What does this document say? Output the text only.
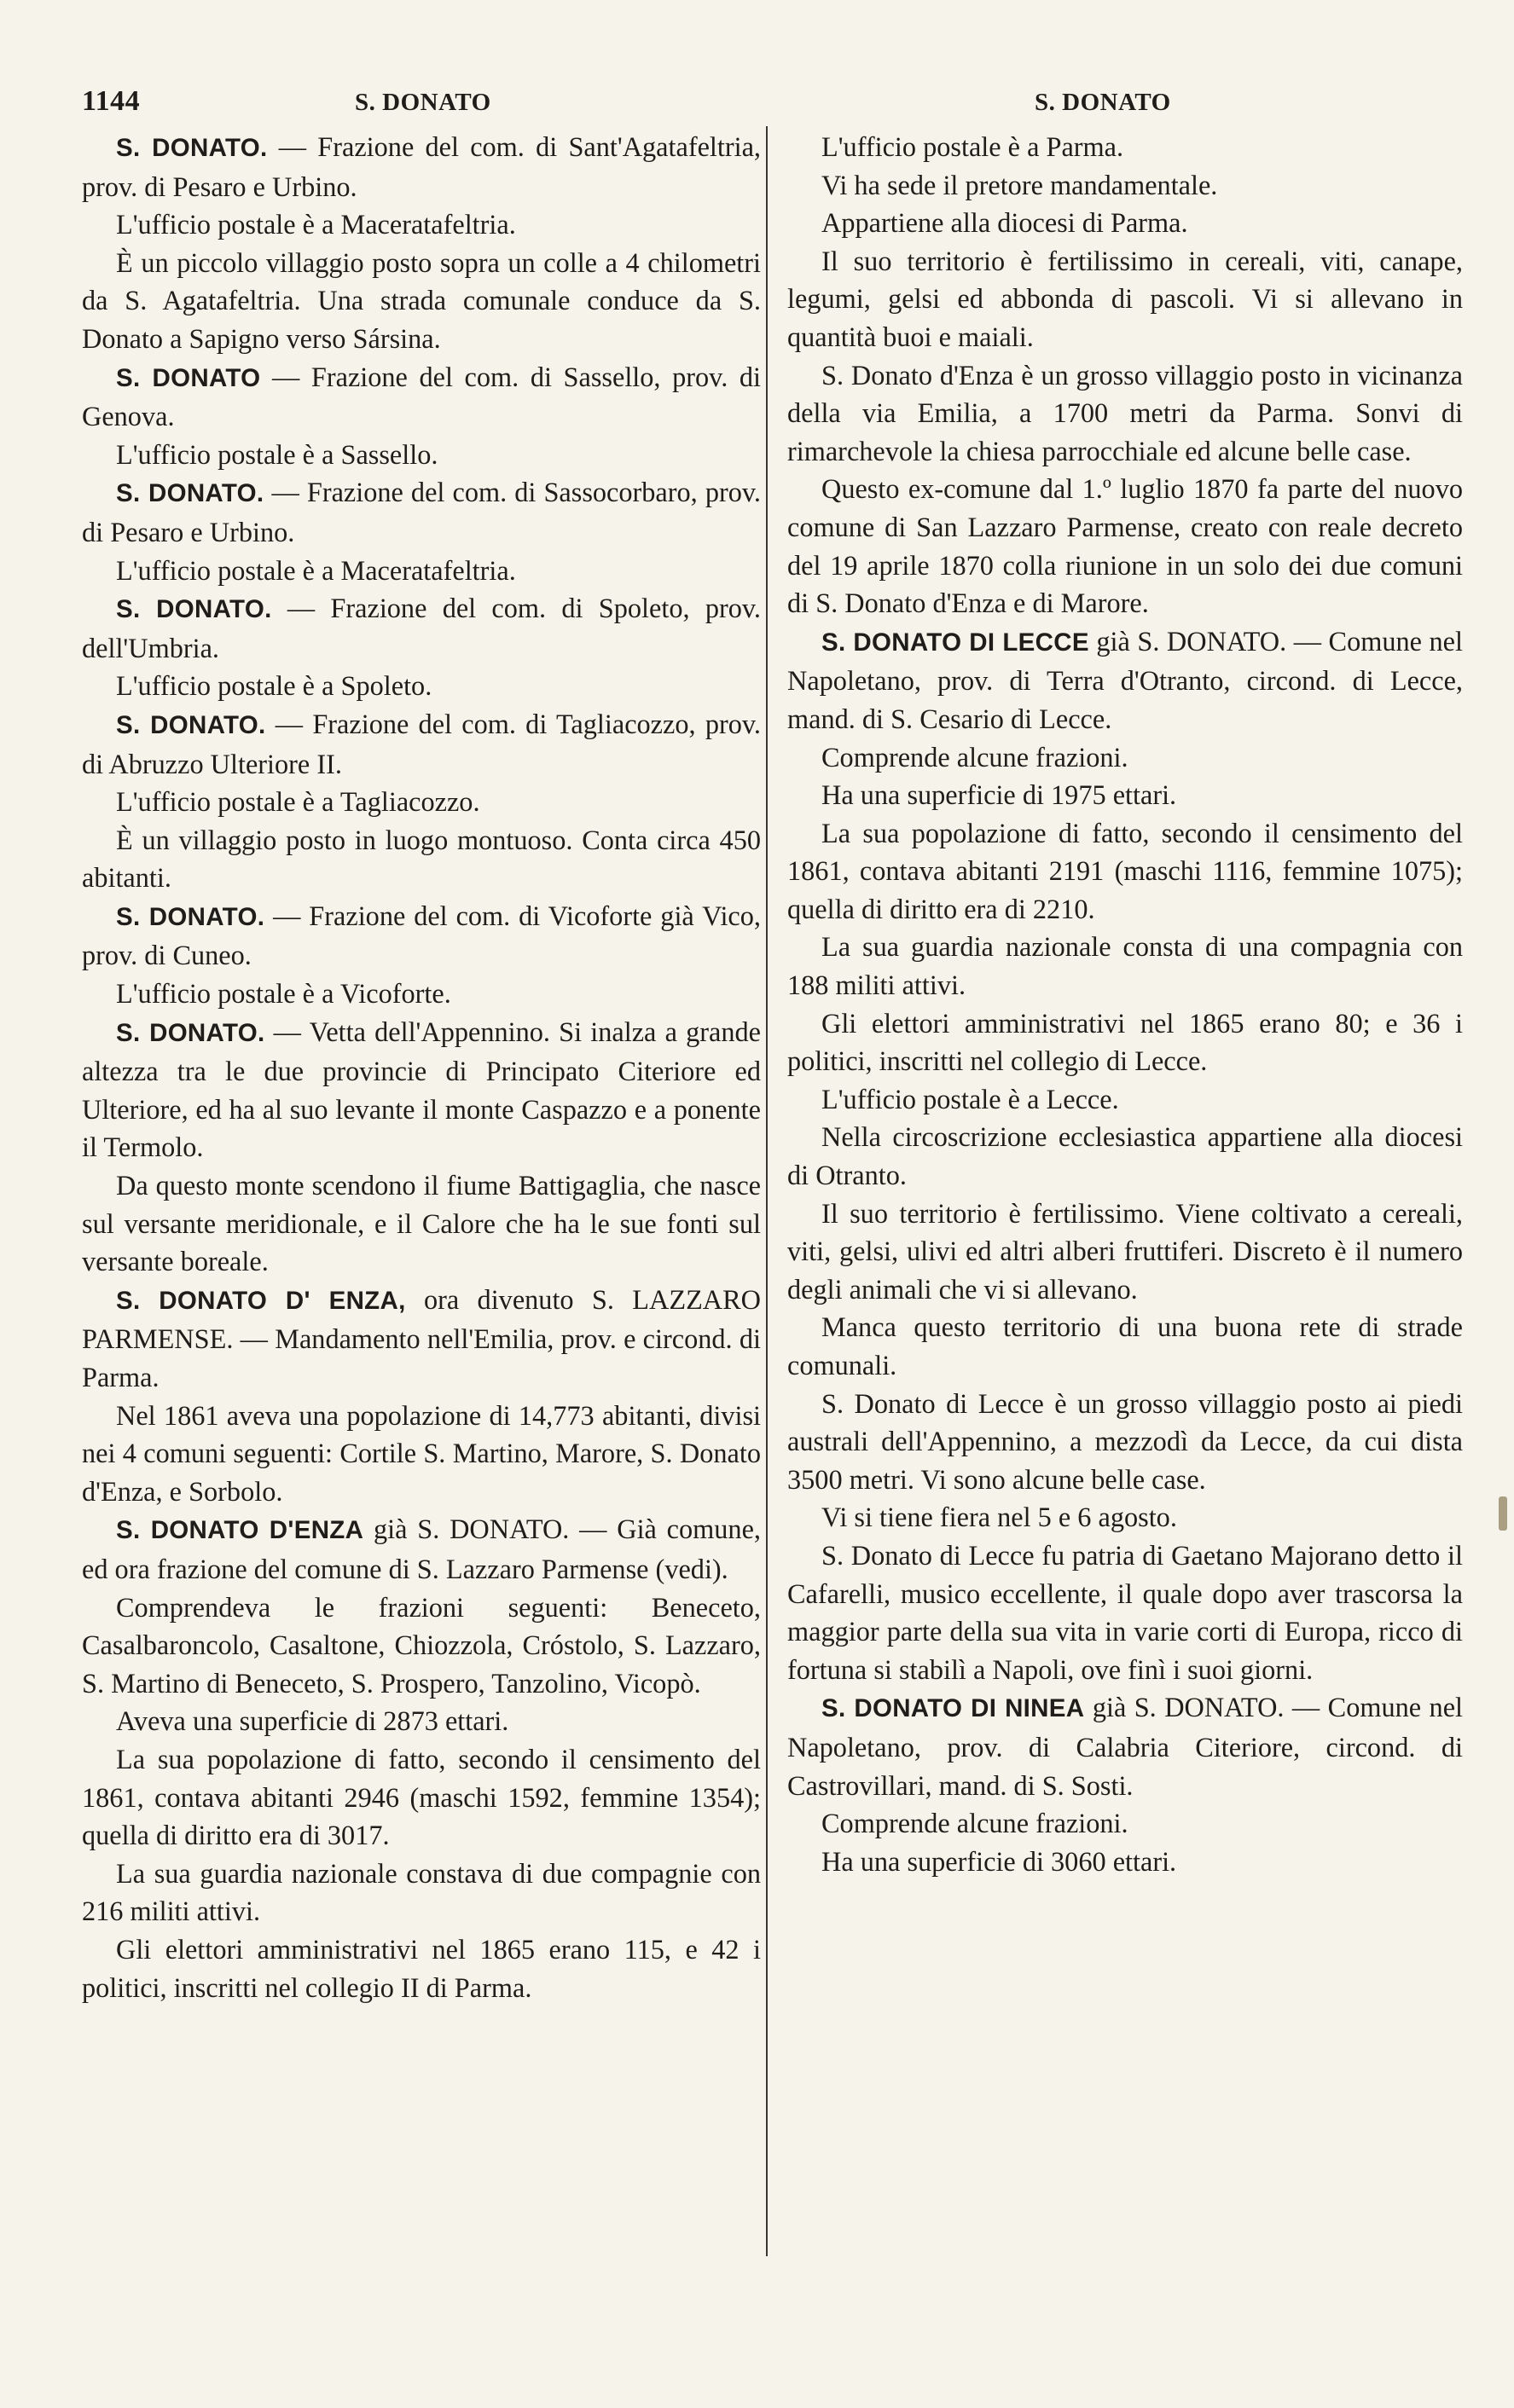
1144	S. DONATO	S. DONATO

S. DONATO. — Frazione del com. di Sant'Agatafeltria, prov. di Pesaro e Urbino.

L'ufficio postale è a Maceratafeltria.

È un piccolo villaggio posto sopra un colle a 4 chilometri da S. Agatafeltria. Una strada comunale conduce da S. Donato a Sapigno verso Sársina.

S. DONATO — Frazione del com. di Sassello, prov. di Genova.

L'ufficio postale è a Sassello.

S. DONATO. — Frazione del com. di Sassocorbaro, prov. di Pesaro e Urbino.

L'ufficio postale è a Maceratafeltria.

S. DONATO. — Frazione del com. di Spoleto, prov. dell'Umbria.

L'ufficio postale è a Spoleto.

S. DONATO. — Frazione del com. di Tagliacozzo, prov. di Abruzzo Ulteriore II.

L'ufficio postale è a Tagliacozzo.

È un villaggio posto in luogo montuoso. Conta circa 450 abitanti.

S. DONATO. — Frazione del com. di Vicoforte già Vico, prov. di Cuneo.

L'ufficio postale è a Vicoforte.

S. DONATO. — Vetta dell'Appennino. Si inalza a grande altezza tra le due provincie di Principato Citeriore ed Ulteriore, ed ha al suo levante il monte Caspazzo e a ponente il Termolo.

Da questo monte scendono il fiume Battigaglia, che nasce sul versante meridionale, e il Calore che ha le sue fonti sul versante boreale.

S. DONATO D' ENZA, ora divenuto S. LAZZARO PARMENSE. — Mandamento nell'Emilia, prov. e circond. di Parma.

Nel 1861 aveva una popolazione di 14,773 abitanti, divisi nei 4 comuni seguenti: Cortile S. Martino, Marore, S. Donato d'Enza, e Sorbolo.

S. DONATO D'ENZA già S. DONATO. — Già comune, ed ora frazione del comune di S. Lazzaro Parmense (vedi).

Comprendeva le frazioni seguenti: Beneceto, Casalbaroncolo, Casaltone, Chiozzola, Cróstolo, S. Lazzaro, S. Martino di Beneceto, S. Prospero, Tanzolino, Vicopò.

Aveva una superficie di 2873 ettari.

La sua popolazione di fatto, secondo il censimento del 1861, contava abitanti 2946 (maschi 1592, femmine 1354); quella di diritto era di 3017.

La sua guardia nazionale constava di due compagnie con 216 militi attivi.

Gli elettori amministrativi nel 1865 erano 115, e 42 i politici, inscritti nel collegio II di Parma.

L'ufficio postale è a Parma.

Vi ha sede il pretore mandamentale.

Appartiene alla diocesi di Parma.

Il suo territorio è fertilissimo in cereali, viti, canape, legumi, gelsi ed abbonda di pascoli. Vi si allevano in quantità buoi e maiali.

S. Donato d'Enza è un grosso villaggio posto in vicinanza della via Emilia, a 1700 metri da Parma. Sonvi di rimarchevole la chiesa parrocchiale ed alcune belle case.

Questo ex-comune dal 1.º luglio 1870 fa parte del nuovo comune di San Lazzaro Parmense, creato con reale decreto del 19 aprile 1870 colla riunione in un solo dei due comuni di S. Donato d'Enza e di Marore.

S. DONATO DI LECCE già S. DONATO. — Comune nel Napoletano, prov. di Terra d'Otranto, circond. di Lecce, mand. di S. Cesario di Lecce.

Comprende alcune frazioni.

Ha una superficie di 1975 ettari.

La sua popolazione di fatto, secondo il censimento del 1861, contava abitanti 2191 (maschi 1116, femmine 1075); quella di diritto era di 2210.

La sua guardia nazionale consta di una compagnia con 188 militi attivi.

Gli elettori amministrativi nel 1865 erano 80; e 36 i politici, inscritti nel collegio di Lecce.

L'ufficio postale è a Lecce.

Nella circoscrizione ecclesiastica appartiene alla diocesi di Otranto.

Il suo territorio è fertilissimo. Viene coltivato a cereali, viti, gelsi, ulivi ed altri alberi fruttiferi. Discreto è il numero degli animali che vi si allevano.

Manca questo territorio di una buona rete di strade comunali.

S. Donato di Lecce è un grosso villaggio posto ai piedi australi dell'Appennino, a mezzodì da Lecce, da cui dista 3500 metri. Vi sono alcune belle case.

Vi si tiene fiera nel 5 e 6 agosto.

S. Donato di Lecce fu patria di Gaetano Majorano detto il Cafarelli, musico eccellente, il quale dopo aver trascorsa la maggior parte della sua vita in varie corti di Europa, ricco di fortuna si stabilì a Napoli, ove finì i suoi giorni.

S. DONATO DI NINEA già S. DONATO. — Comune nel Napoletano, prov. di Calabria Citeriore, circond. di Castrovillari, mand. di S. Sosti.

Comprende alcune frazioni.

Ha una superficie di 3060 ettari.
